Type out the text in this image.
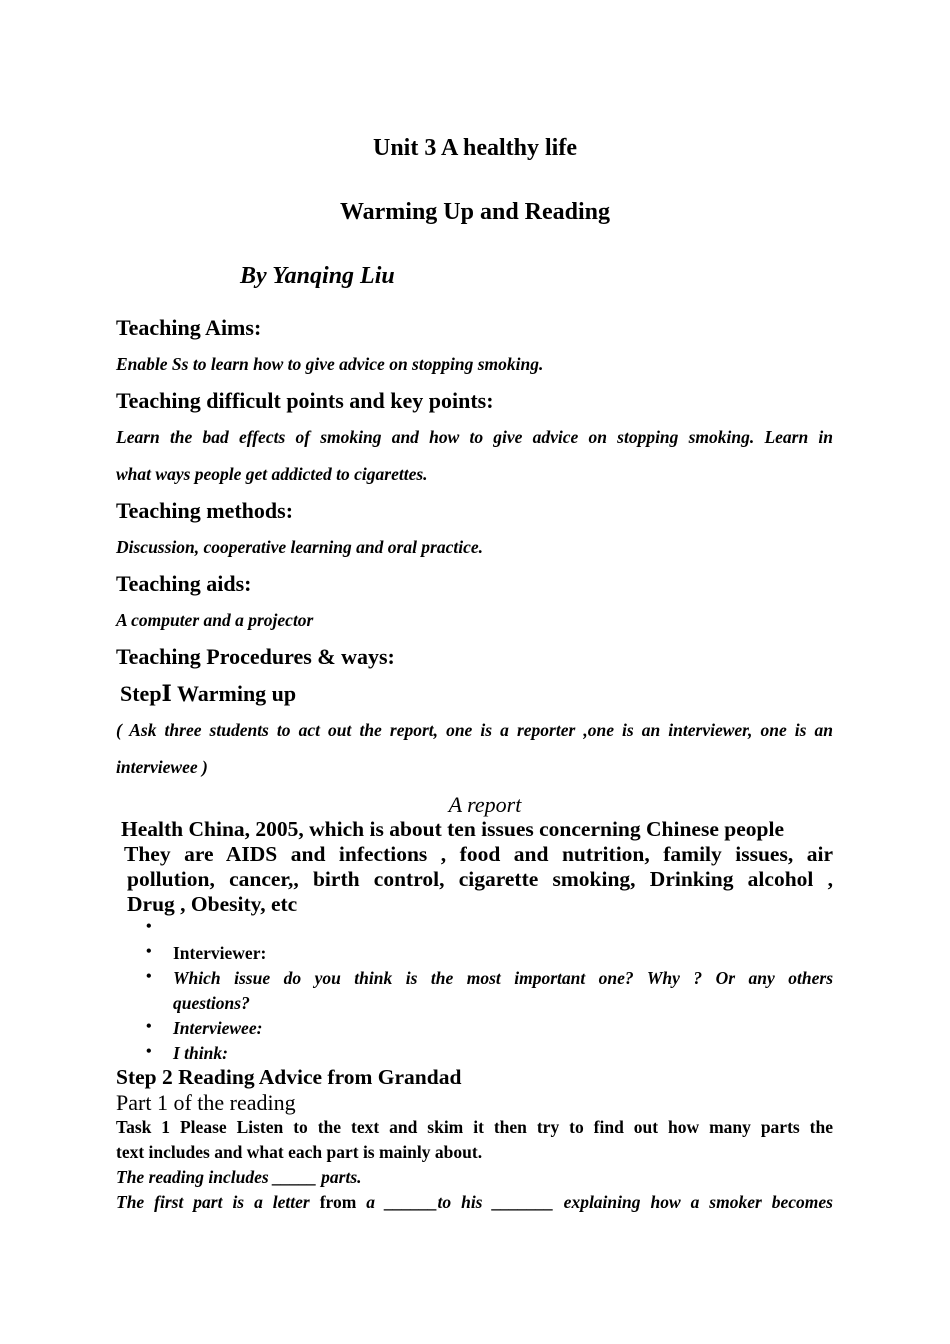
Unit 3 A healthy life
Warming Up and Reading
By Yanqing Liu
Teaching Aims:
Enable Ss to learn how to give advice on stopping smoking.
Teaching difficult points and key points:
Learn the bad effects of smoking and how to give advice on stopping smoking. Learn in
what ways people get addicted to cigarettes.
Teaching methods:
Discussion, cooperative learning and oral practice.
Teaching aids:
A computer and a projector
Teaching Procedures & ways:
StepⅠ Warming up
( Ask three students to act out the report, one is a reporter ,one is an interviewer, one is an
interviewee )
A report
Health China, 2005, which is about ten issues concerning Chinese people
They are AIDS and infections , food and nutrition, family issues, air
pollution, cancer,, birth control, cigarette smoking, Drinking alcohol ,
Drug , Obesity, etc
•
• Interviewer:
• Which issue do you think is the most important one? Why ? Or any others
questions?
• Interviewee:
• I think:
Step 2 Reading Advice from Grandad
Part 1 of the reading
Task 1 Please Listen to the text and skim it then try to find out how many parts the
text includes and what each part is mainly about.
The reading includes _____ parts.
The first part is a letter from a ______to his _______ explaining how a smoker becomes
